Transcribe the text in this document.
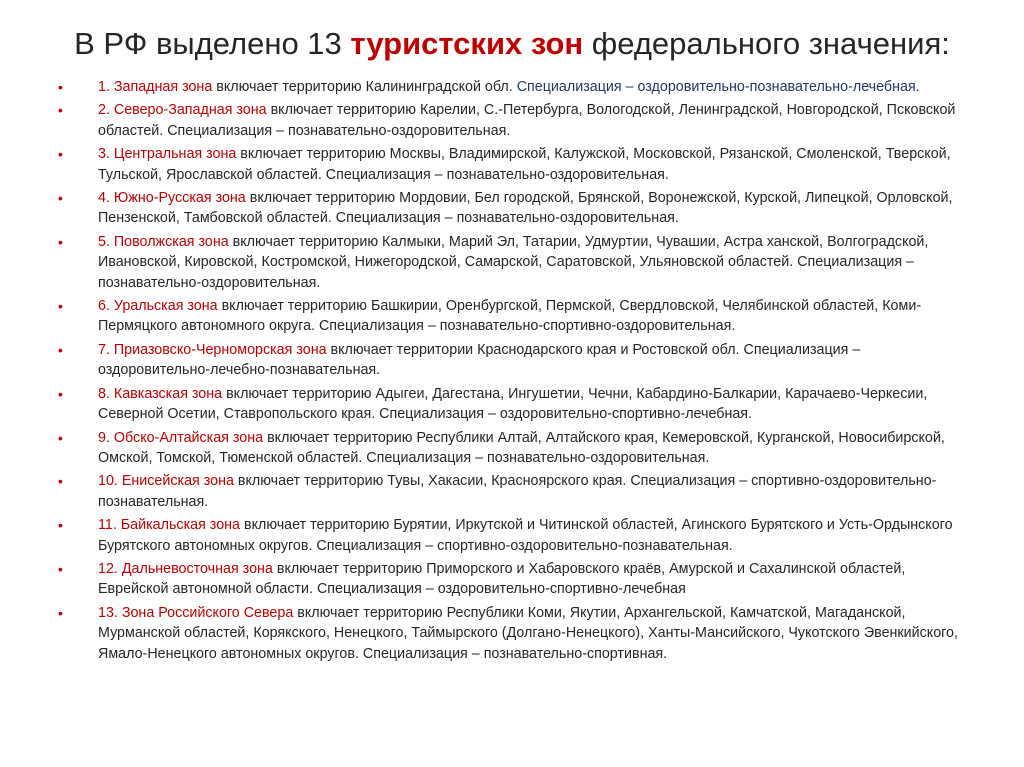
В РФ выделено 13 туристских зон федерального значения:
• 1. Западная зона включает территорию Калининградской обл. Специализация – оздоровительно-познавательно-лечебная.
• 2. Северо-Западная зона включает территорию Карелии, С.-Петербурга, Вологодской, Ленинградской, Новгородской, Псковской областей. Специализация – познавательно-оздоровительная.
• 3. Центральная зона включает территорию Москвы, Владимирской, Калужской, Московской, Рязанской, Смоленской, Тверской, Тульской, Ярославской областей. Специализация – познавательно-оздоровительная.
• 4. Южно-Русская зона включает территорию Мордовии, Бел городской, Брянской, Воронежской, Курской, Липецкой, Орловской, Пензенской, Тамбовской областей. Специализация – познавательно-оздоровительная.
• 5. Поволжская зона включает территорию Калмыки, Марий Эл, Татарии, Удмуртии, Чувашии, Астра ханской, Волгоградской, Ивановской, Кировской, Костромской, Нижегородской, Самарской, Саратовской, Ульяновской областей. Специализация – познавательно-оздоровительная.
• 6. Уральская зона включает территорию Башкирии, Оренбургской, Пермской, Свердловской, Челябинской областей, Коми-Пермяцкого автономного округа. Специализация – познавательно-спортивно-оздоровительная.
• 7. Приазовско-Черноморская зона включает территории Краснодарского края и Ростовской обл. Специализация – оздоровительно-лечебно-познавательная.
• 8. Кавказская зона включает территорию Адыгеи, Дагестана, Ингушетии, Чечни, Кабардино-Балкарии, Карачаево-Черкесии, Северной Осетии, Ставропольского края. Специализация – оздоровительно-спортивно-лечебная.
• 9. Обско-Алтайская зона включает территорию Республики Алтай, Алтайского края, Кемеровской, Курганской, Новосибирской, Омской, Томской, Тюменской областей. Специализация – познавательно-оздоровительная.
• 10. Енисейская зона включает территорию Тувы, Хакасии, Красноярского края. Специализация – спортивно-оздоровительно-познавательная.
• 11. Байкальская зона включает территорию Бурятии, Иркутской и Читинской областей, Агинского Бурятского и Усть-Ордынского Бурятского автономных округов. Специализация – спортивно-оздоровительно-познавательная.
• 12. Дальневосточная зона включает территорию Приморского и Хабаровского краёв, Амурской и Сахалинской областей, Еврейской автономной области. Специализация – оздоровительно-спортивно-лечебная
• 13. Зона Российского Севера включает территорию Республики Коми, Якутии, Архангельской, Камчатской, Магаданской, Мурманской областей, Корякского, Ненецкого, Таймырского (Долгано-Ненецкого), Ханты-Мансийского, Чукотского Эвенкийского, Ямало-Ненецкого автономных округов. Специализация – познавательно-спортивная.
